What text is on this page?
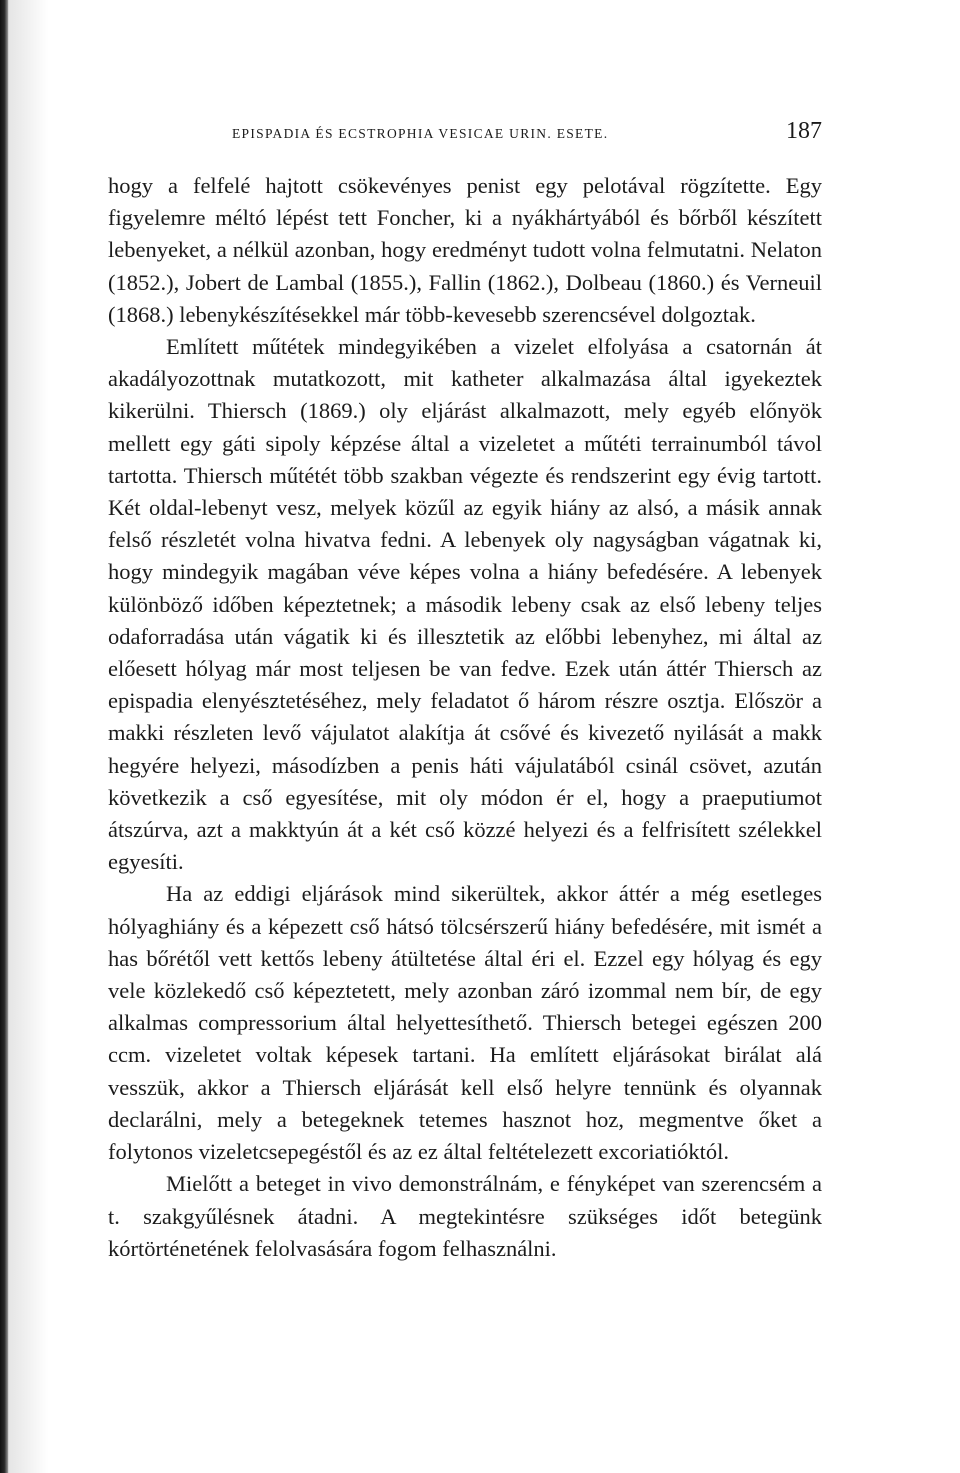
EPISPADIA ÉS ECSTROPHIA VESICAE URIN. ESETE.	187

hogy a felfelé hajtott csökevényes penist egy pelotával rögzítette. Egy figyelemre méltó lépést tett Foncher, ki a nyákhártyából és bőrből készített lebenyeket, a nélkül azonban, hogy eredményt tudott volna felmutatni. Nelaton (1852.), Jobert de Lambal (1855.), Fallin (1862.), Dolbeau (1860.) és Verneuil (1868.) lebenykészítésekkel már több-kevesebb szerencsével dolgoztak.

Említett műtétek mindegyikében a vizelet elfolyása a csatornán át akadályozottnak mutatkozott, mit katheter alkalmazása által igyekeztek kikerülni. Thiersch (1869.) oly eljárást alkalmazott, mely egyéb előnyök mellett egy gáti sipoly képzése által a vizeletet a műtéti terrainumból távol tartotta. Thiersch műtétét több szakban végezte és rendszerint egy évig tartott. Két oldal-lebenyt vesz, melyek közűl az egyik hiány az alsó, a másik annak felső részletét volna hivatva fedni. A lebenyek oly nagyságban vágatnak ki, hogy mindegyik magában véve képes volna a hiány befedésére. A lebenyek különböző időben képeztetnek; a második lebeny csak az első lebeny teljes odaforradása után vágatik ki és illesztetik az előbbi lebenyhez, mi által az előesett hólyag már most teljesen be van fedve. Ezek után áttér Thiersch az epispadia elenyésztetéséhez, mely feladatot ő három részre osztja. Először a makki részleten levő vájulatot alakítja át csővé és kivezető nyilását a makk hegyére helyezi, másodízben a penis háti vájulatából csinál csövet, azután következik a cső egyesítése, mit oly módon ér el, hogy a praeputiumot átszúrva, azt a makktyún át a két cső közzé helyezi és a felfrisített szélekkel egyesíti.

Ha az eddigi eljárások mind sikerültek, akkor áttér a még esetleges hólyaghiány és a képezett cső hátsó tölcsérszerű hiány befedésére, mit ismét a has bőrétől vett kettős lebeny átültetése által éri el. Ezzel egy hólyag és egy vele közlekedő cső képeztetett, mely azonban záró izommal nem bír, de egy alkalmas compressorium által helyettesíthető. Thiersch betegei egészen 200 ccm. vizeletet voltak képesek tartani. Ha említett eljárásokat birálat alá vesszük, akkor a Thiersch eljárását kell első helyre tennünk és olyannak declarálni, mely a betegeknek tetemes hasznot hoz, megmentve őket a folytonos vizeletcsepegéstől és az ez által feltételezett excoriatióktól.

Mielőtt a beteget in vivo demonstrálnám, e fényképet van szerencsém a t. szakgyűlésnek átadni. A megtekintésre szükséges időt betegünk kórtörténetének felolvasására fogom felhasználni.
